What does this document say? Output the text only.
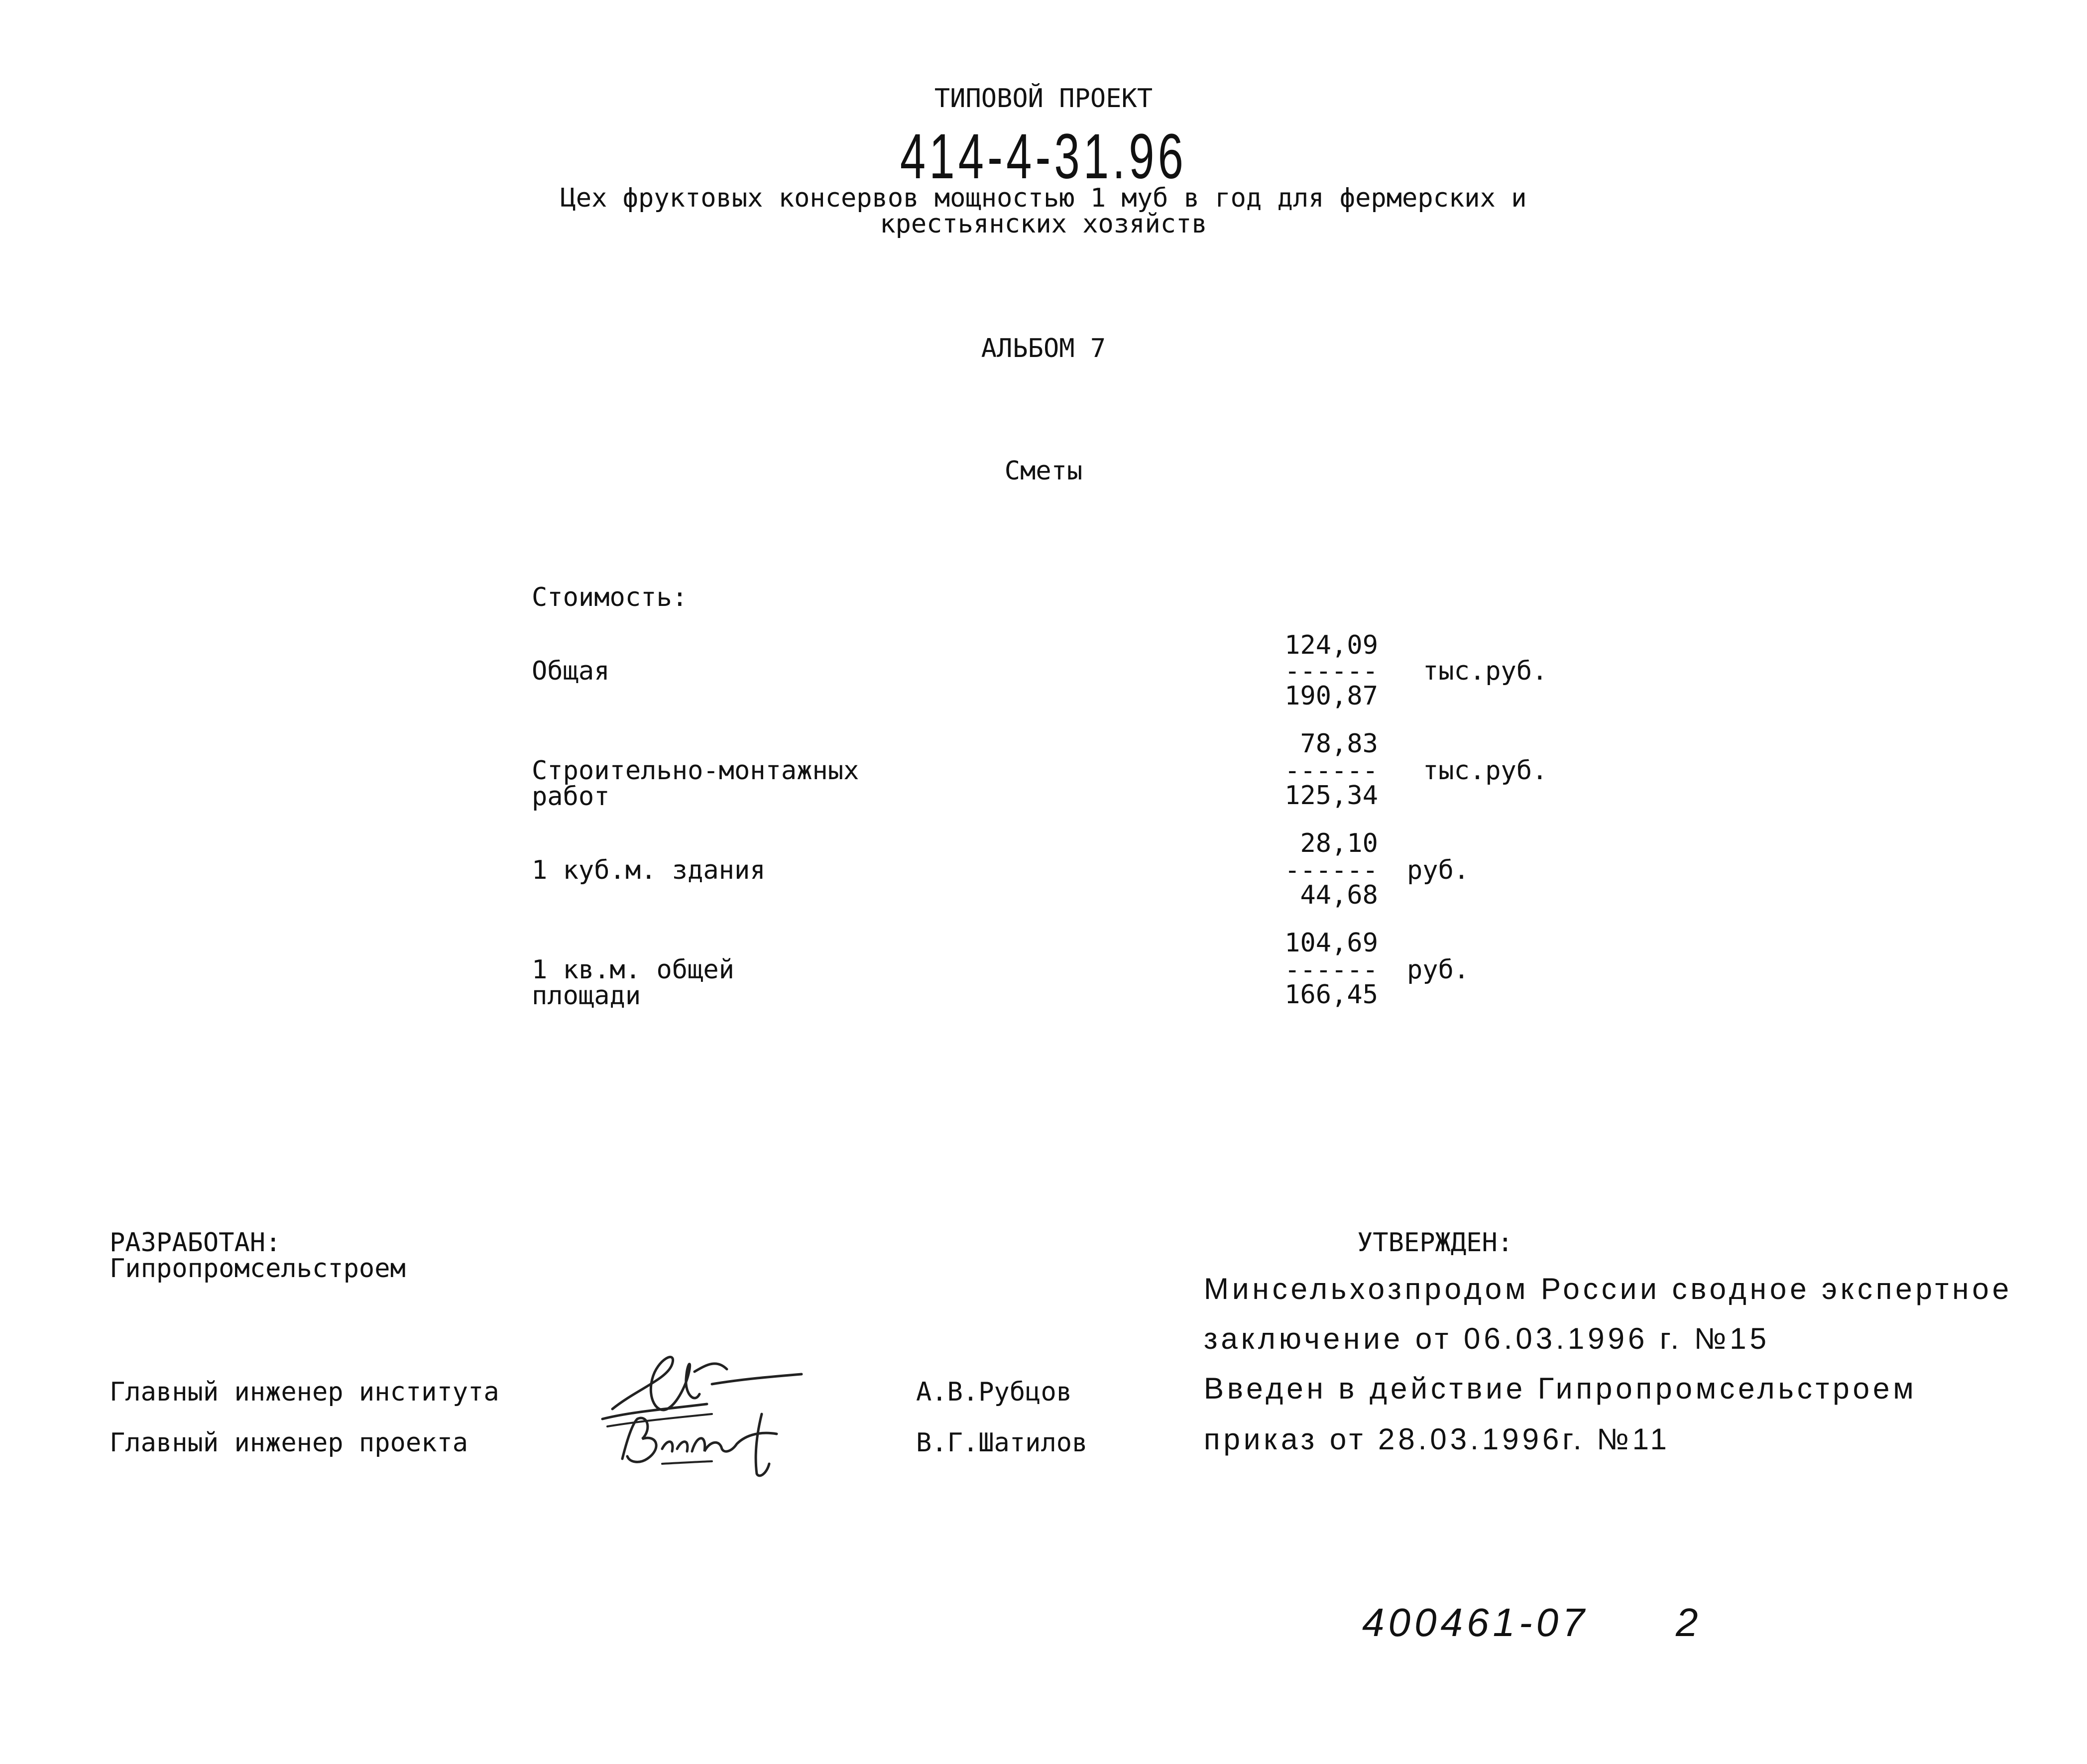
ТИПОВОЙ ПРОЕКТ
414-4-31.96
Цех фруктовых консервов мощностью 1 муб в год для фермерских и
крестьянских хозяйств
АЛЬБОМ 7
Сметы
Стоимость:
Общая
124,09
------
190,87
тыс.руб.
Строительно-монтажных
работ
78,83
------
125,34
тыс.руб.
1 куб.м. здания
28,10
------
44,68
руб.
1 кв.м. общей
площади
104,69
------
166,45
руб.
РАЗРАБОТАН:
Гипропромсельстроем
Главный инженер института	А.В.Рубцов
Главный инженер проекта	В.Г.Шатилов
УТВЕРЖДЕН:
Минсельхозпродом России сводное экспертное
заключение от 06.03.1996 г. №15
Введен в действие Гипропромсельстроем
приказ от 28.03.1996г. №11
400461-07 2
